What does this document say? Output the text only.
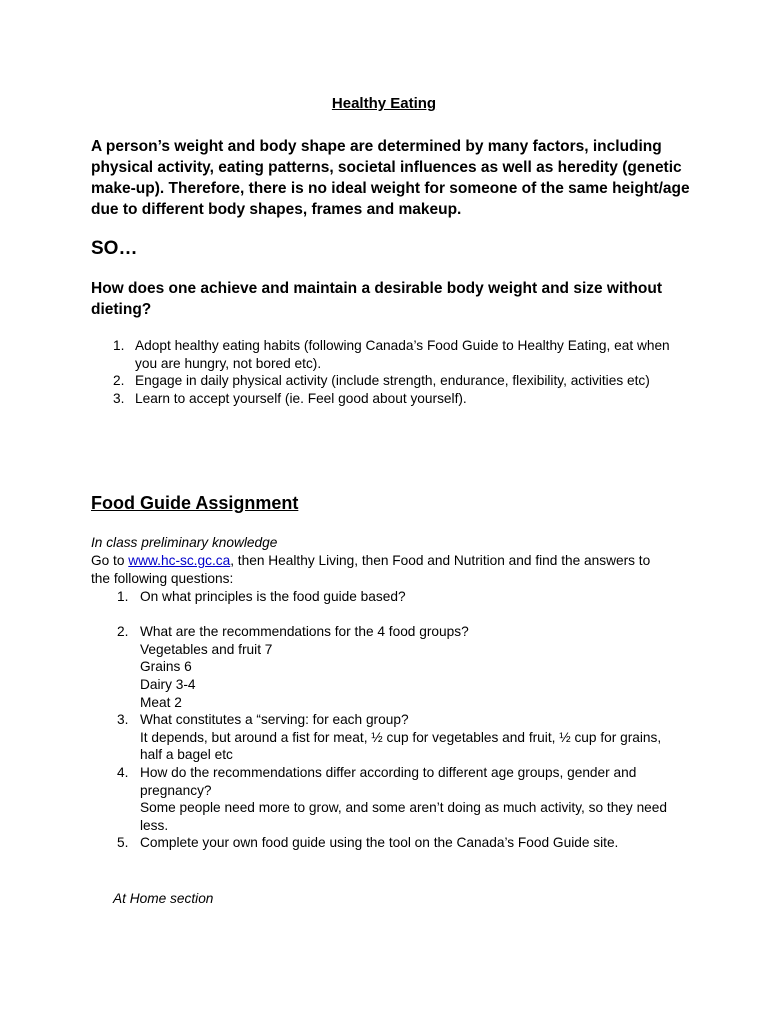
Healthy Eating
A person’s weight and body shape are determined by many factors, including physical activity, eating patterns, societal influences as well as heredity (genetic make-up). Therefore, there is no ideal weight for someone of the same height/age due to different body shapes, frames and makeup.
SO…
How does one achieve and maintain a desirable body weight and size without dieting?
1. Adopt healthy eating habits (following Canada’s Food Guide to Healthy Eating, eat when you are hungry, not bored etc).
2. Engage in daily physical activity (include strength, endurance, flexibility, activities etc)
3. Learn to accept yourself (ie. Feel good about yourself).
Food Guide Assignment
In class preliminary knowledge
Go to www.hc-sc.gc.ca, then Healthy Living, then Food and Nutrition and find the answers to the following questions:
1. On what principles is the food guide based?
2. What are the recommendations for the 4 food groups?
Vegetables and fruit 7
Grains 6
Dairy 3-4
Meat 2
3. What constitutes a “serving: for each group?
It depends, but around a fist for meat, ½ cup for vegetables and fruit, ½ cup for grains, half a bagel etc
4. How do the recommendations differ according to different age groups, gender and pregnancy?
Some people need more to grow, and some aren’t doing as much activity, so they need less.
5. Complete your own food guide using the tool on the Canada’s Food Guide site.
At Home section
